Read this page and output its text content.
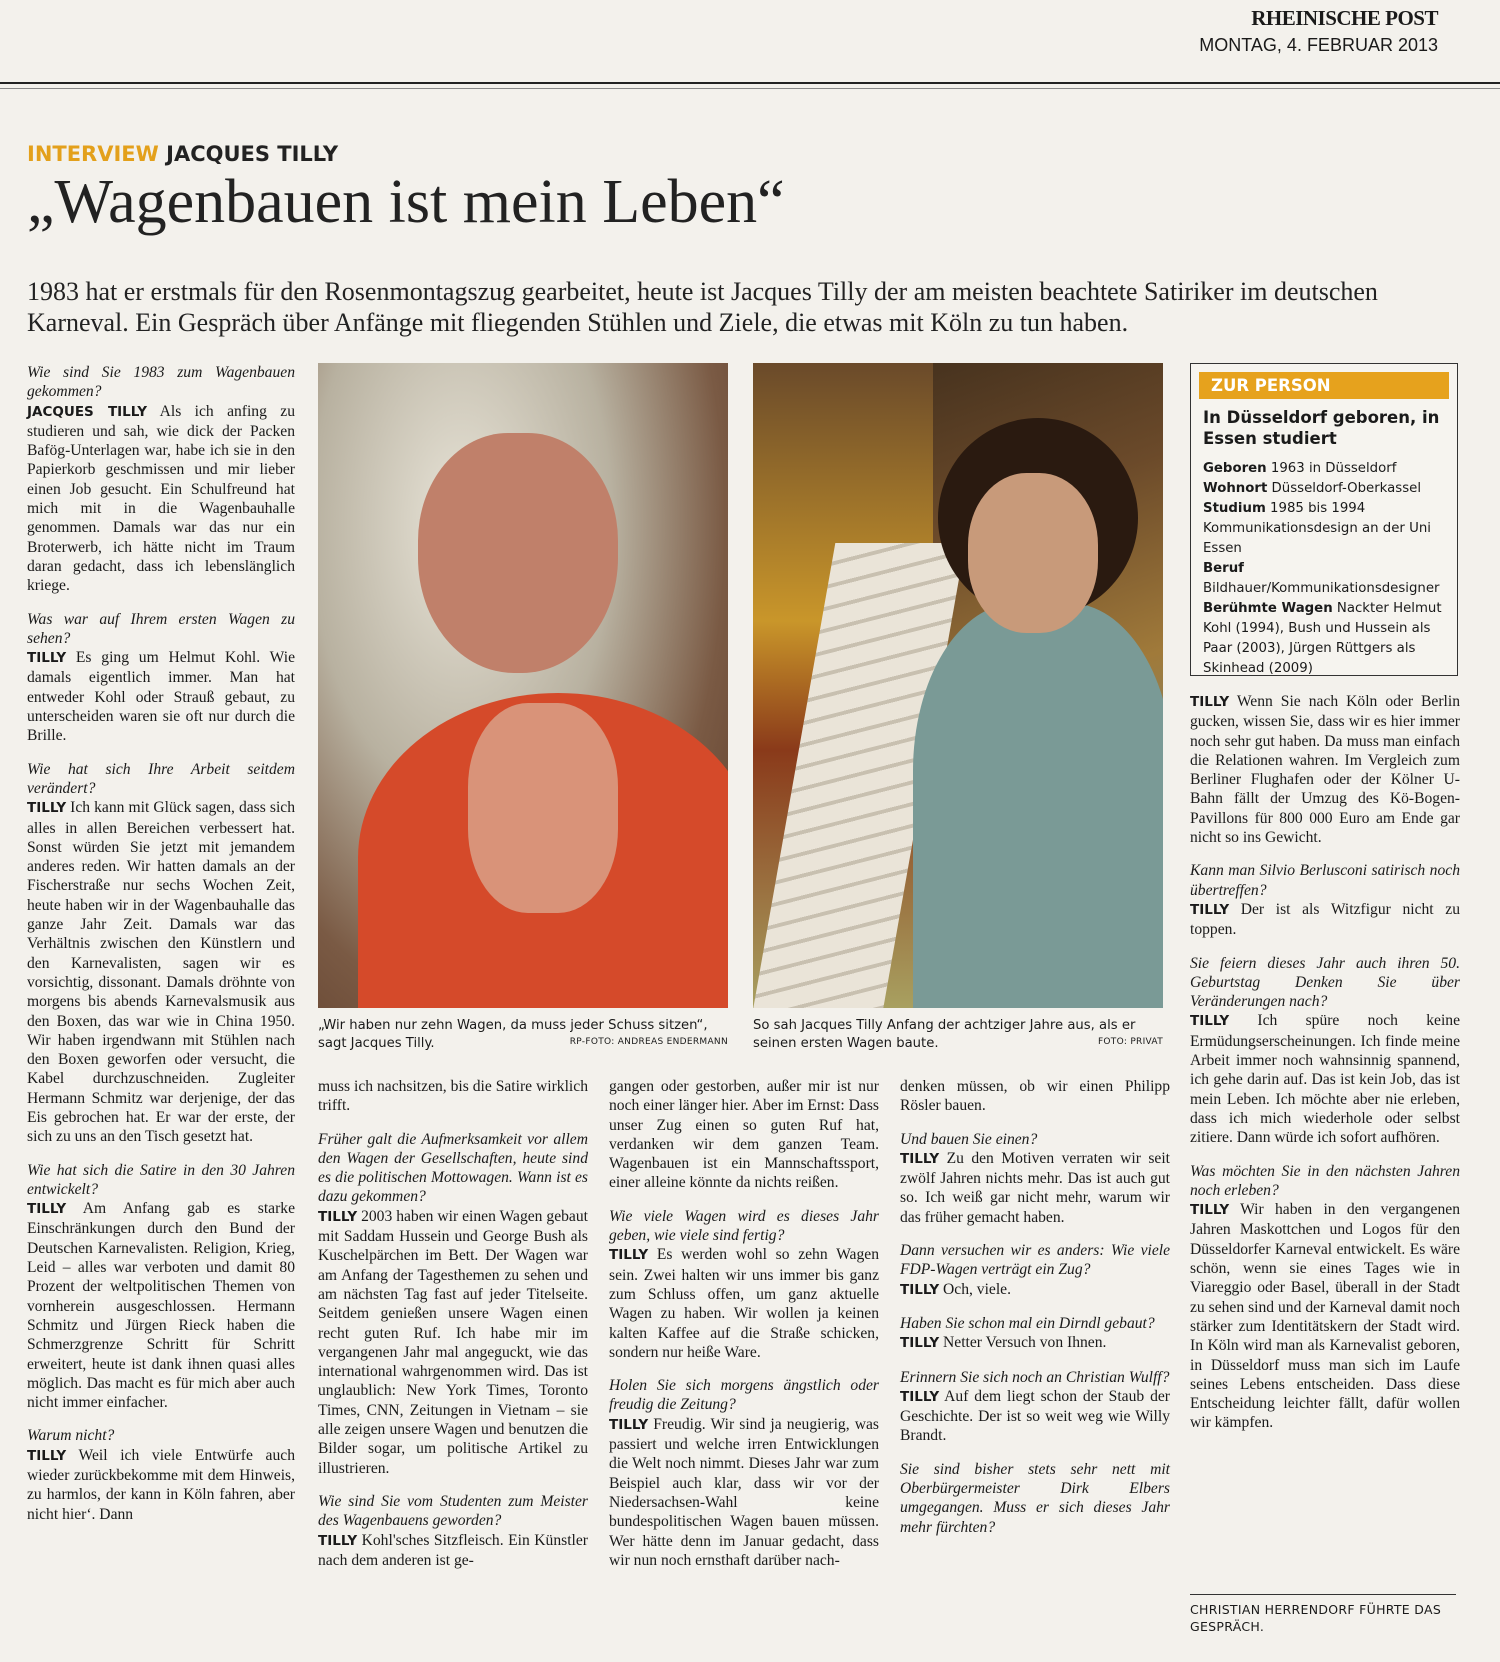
RHEINISCHE POST
MONTAG, 4. FEBRUAR 2013
INTERVIEW JACQUES TILLY
„Wagenbauen ist mein Leben“
1983 hat er erstmals für den Rosenmontagszug gearbeitet, heute ist Jacques Tilly der am meisten beachtete Satiriker im deutschen Karneval. Ein Gespräch über Anfänge mit fliegenden Stühlen und Ziele, die etwas mit Köln zu tun haben.
Wie sind Sie 1983 zum Wagenbauen gekommen?
JACQUES TILLY Als ich anfing zu studieren und sah, wie dick der Packen Bafög-Unterlagen war, habe ich sie in den Papierkorb geschmissen und mir lieber einen Job gesucht. Ein Schulfreund hat mich mit in die Wagenbauhalle genommen. Damals war das nur ein Broterwerb, ich hätte nicht im Traum daran gedacht, dass ich lebenslänglich kriege.
Was war auf Ihrem ersten Wagen zu sehen?
TILLY Es ging um Helmut Kohl. Wie damals eigentlich immer. Man hat entweder Kohl oder Strauß gebaut, zu unterscheiden waren sie oft nur durch die Brille.
Wie hat sich Ihre Arbeit seitdem verändert?
TILLY Ich kann mit Glück sagen, dass sich alles in allen Bereichen verbessert hat. Sonst würden Sie jetzt mit jemandem anderes reden. Wir hatten damals an der Fischerstraße nur sechs Wochen Zeit, heute haben wir in der Wagenbauhalle das ganze Jahr Zeit. Damals war das Verhältnis zwischen den Künstlern und den Karnevalisten, sagen wir es vorsichtig, dissonant. Damals dröhnte von morgens bis abends Karnevalsmusik aus den Boxen, das war wie in China 1950. Wir haben irgendwann mit Stühlen nach den Boxen geworfen oder versucht, die Kabel durchzuschneiden. Zugleiter Hermann Schmitz war derjenige, der das Eis gebrochen hat. Er war der erste, der sich zu uns an den Tisch gesetzt hat.
Wie hat sich die Satire in den 30 Jahren entwickelt?
TILLY Am Anfang gab es starke Einschränkungen durch den Bund der Deutschen Karnevalisten. Religion, Krieg, Leid – alles war verboten und damit 80 Prozent der weltpolitischen Themen von vornherein ausgeschlossen. Hermann Schmitz und Jürgen Rieck haben die Schmerzgrenze Schritt für Schritt erweitert, heute ist dank ihnen quasi alles möglich. Das macht es für mich aber auch nicht immer einfacher.
Warum nicht?
TILLY Weil ich viele Entwürfe auch wieder zurückbekomme mit dem Hinweis, zu harmlos, der kann in Köln fahren, aber nicht hier‘. Dann
„Wir haben nur zehn Wagen, da muss jeder Schuss sitzen“, sagt Jacques Tilly.	RP-FOTO: ANDREAS ENDERMANN
So sah Jacques Tilly Anfang der achtziger Jahre aus, als er seinen ersten Wagen baute.	FOTO: PRIVAT
ZUR PERSON
In Düsseldorf geboren, in Essen studiert
Geboren 1963 in Düsseldorf
Wohnort Düsseldorf-Oberkassel
Studium 1985 bis 1994 Kommunikationsdesign an der Uni Essen
Beruf Bildhauer/Kommunikationsdesigner
Berühmte Wagen Nackter Helmut Kohl (1994), Bush und Hussein als Paar (2003), Jürgen Rüttgers als Skinhead (2009)
muss ich nachsitzen, bis die Satire wirklich trifft.
Früher galt die Aufmerksamkeit vor allem den Wagen der Gesellschaften, heute sind es die politischen Mottowagen. Wann ist es dazu gekommen?
TILLY 2003 haben wir einen Wagen gebaut mit Saddam Hussein und George Bush als Kuschelpärchen im Bett. Der Wagen war am Anfang der Tagesthemen zu sehen und am nächsten Tag fast auf jeder Titelseite. Seitdem genießen unsere Wagen einen recht guten Ruf. Ich habe mir im vergangenen Jahr mal angeguckt, wie das international wahrgenommen wird. Das ist unglaublich: New York Times, Toronto Times, CNN, Zeitungen in Vietnam – sie alle zeigen unsere Wagen und benutzen die Bilder sogar, um politische Artikel zu illustrieren.
Wie sind Sie vom Studenten zum Meister des Wagenbauens geworden?
TILLY Kohl'sches Sitzfleisch. Ein Künstler nach dem anderen ist ge-
gangen oder gestorben, außer mir ist nur noch einer länger hier. Aber im Ernst: Dass unser Zug einen so guten Ruf hat, verdanken wir dem ganzen Team. Wagenbauen ist ein Mannschaftssport, einer alleine könnte da nichts reißen.
Wie viele Wagen wird es dieses Jahr geben, wie viele sind fertig?
TILLY Es werden wohl so zehn Wagen sein. Zwei halten wir uns immer bis ganz zum Schluss offen, um ganz aktuelle Wagen zu haben. Wir wollen ja keinen kalten Kaffee auf die Straße schicken, sondern nur heiße Ware.
Holen Sie sich morgens ängstlich oder freudig die Zeitung?
TILLY Freudig. Wir sind ja neugierig, was passiert und welche irren Entwicklungen die Welt noch nimmt. Dieses Jahr war zum Beispiel auch klar, dass wir vor der Niedersachsen-Wahl keine bundespolitischen Wagen bauen müssen. Wer hätte denn im Januar gedacht, dass wir nun noch ernsthaft darüber nach-
denken müssen, ob wir einen Philipp Rösler bauen.
Und bauen Sie einen?
TILLY Zu den Motiven verraten wir seit zwölf Jahren nichts mehr. Das ist auch gut so. Ich weiß gar nicht mehr, warum wir das früher gemacht haben.
Dann versuchen wir es anders: Wie viele FDP-Wagen verträgt ein Zug?
TILLY Och, viele.
Haben Sie schon mal ein Dirndl gebaut?
TILLY Netter Versuch von Ihnen.
Erinnern Sie sich noch an Christian Wulff?
TILLY Auf dem liegt schon der Staub der Geschichte. Der ist so weit weg wie Willy Brandt.
Sie sind bisher stets sehr nett mit Oberbürgermeister Dirk Elbers umgegangen. Muss er sich dieses Jahr mehr fürchten?
TILLY Wenn Sie nach Köln oder Berlin gucken, wissen Sie, dass wir es hier immer noch sehr gut haben. Da muss man einfach die Relationen wahren. Im Vergleich zum Berliner Flughafen oder der Kölner U-Bahn fällt der Umzug des Kö-Bogen-Pavillons für 800 000 Euro am Ende gar nicht so ins Gewicht.
Kann man Silvio Berlusconi satirisch noch übertreffen?
TILLY Der ist als Witzfigur nicht zu toppen.
Sie feiern dieses Jahr auch ihren 50. Geburtstag Denken Sie über Veränderungen nach?
TILLY Ich spüre noch keine Ermüdungserscheinungen. Ich finde meine Arbeit immer noch wahnsinnig spannend, ich gehe darin auf. Das ist kein Job, das ist mein Leben. Ich möchte aber nie erleben, dass ich mich wiederhole oder selbst zitiere. Dann würde ich sofort aufhören.
Was möchten Sie in den nächsten Jahren noch erleben?
TILLY Wir haben in den vergangenen Jahren Maskottchen und Logos für den Düsseldorfer Karneval entwickelt. Es wäre schön, wenn sie eines Tages wie in Viareggio oder Basel, überall in der Stadt zu sehen sind und der Karneval damit noch stärker zum Identitätskern der Stadt wird. In Köln wird man als Karnevalist geboren, in Düsseldorf muss man sich im Laufe seines Lebens entscheiden. Dass diese Entscheidung leichter fällt, dafür wollen wir kämpfen.
CHRISTIAN HERRENDORF FÜHRTE DAS GESPRÄCH.
